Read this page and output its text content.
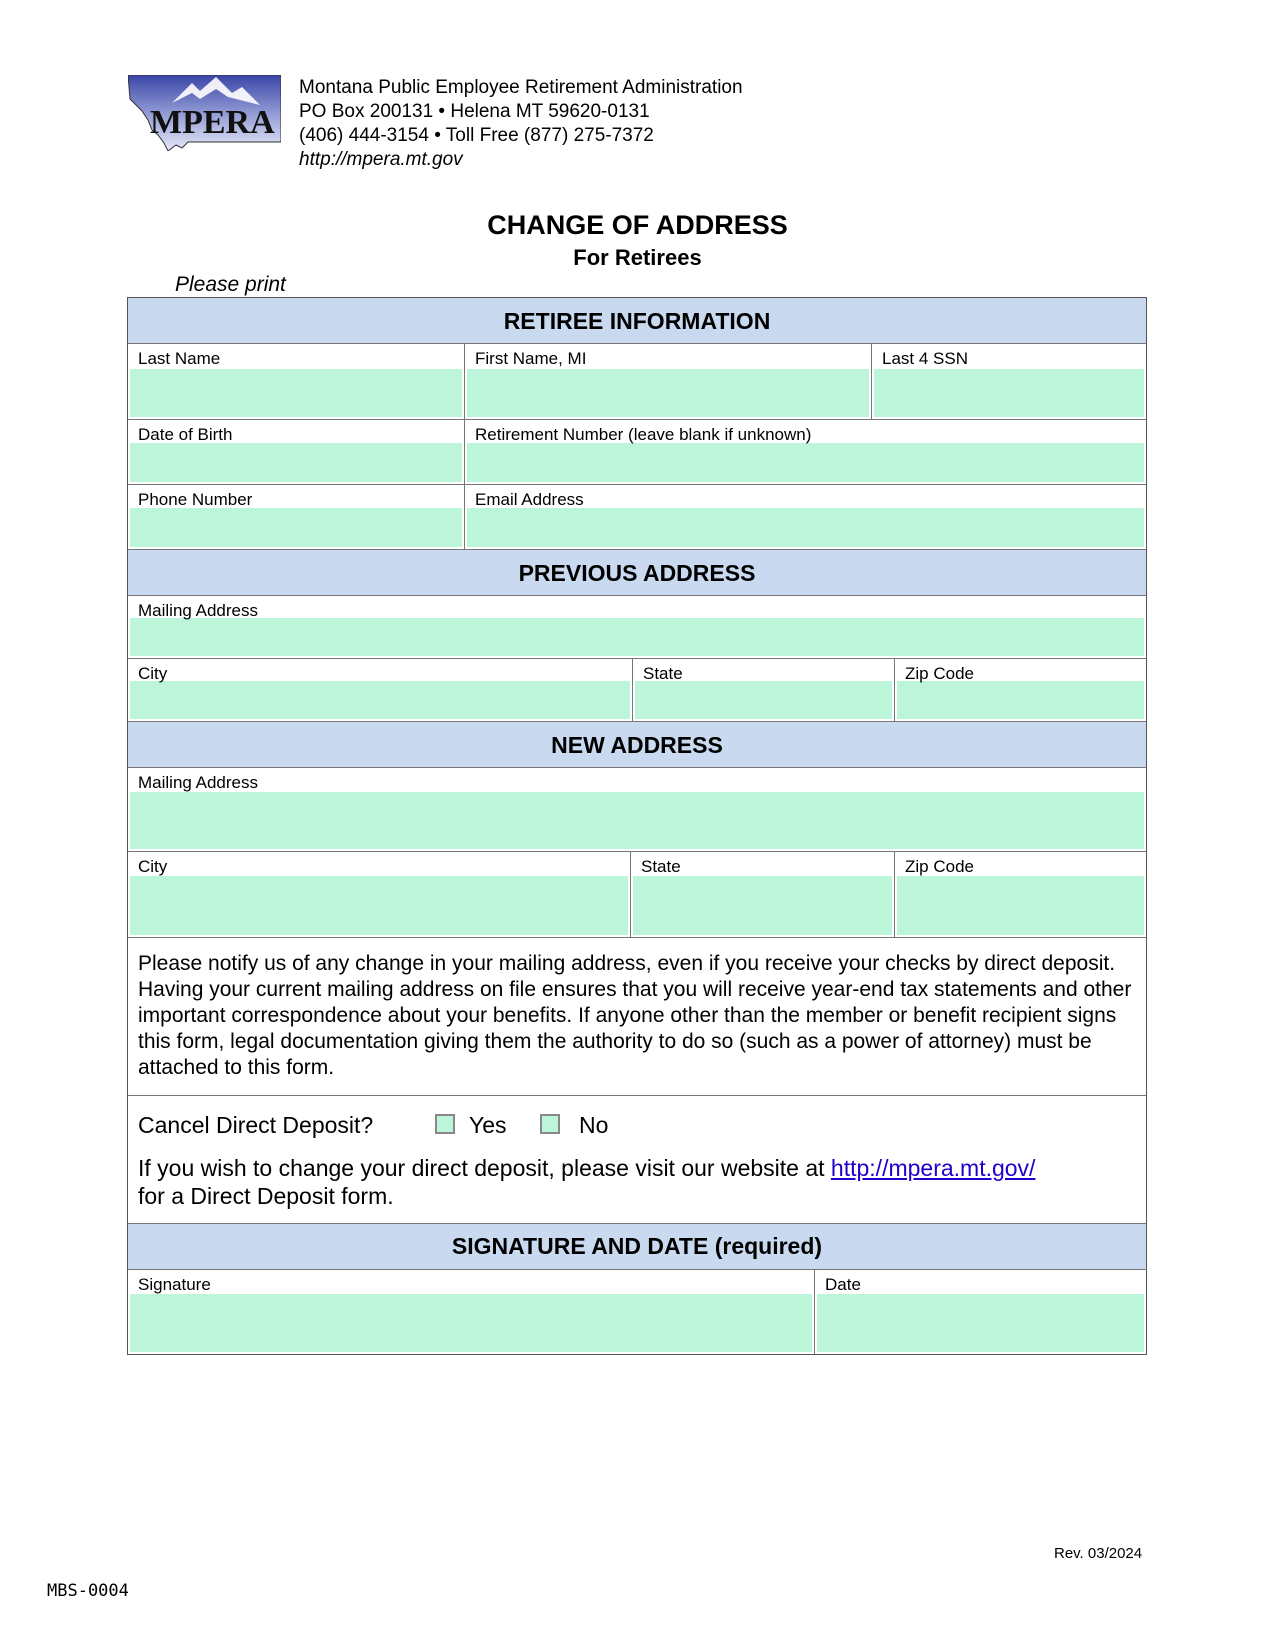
MPERA
Montana Public Employee Retirement Administration
PO Box 200131 • Helena MT 59620-0131
(406) 444-3154 • Toll Free (877) 275-7372
http://mpera.mt.gov
CHANGE OF ADDRESS
For Retirees
Please print
RETIREE INFORMATION
Last Name	First Name, MI	Last 4 SSN
Date of Birth	Retirement Number (leave blank if unknown)
Phone Number	Email Address
PREVIOUS ADDRESS
Mailing Address
City	State	Zip Code
NEW ADDRESS
Mailing Address
City	State	Zip Code
Please notify us of any change in your mailing address, even if you receive your checks by direct deposit. Having your current mailing address on file ensures that you will receive year-end tax statements and other important correspondence about your benefits. If anyone other than the member or benefit recipient signs this form, legal documentation giving them the authority to do so (such as a power of attorney) must be attached to this form.
Cancel Direct Deposit?	Yes	No
If you wish to change your direct deposit, please visit our website at http://mpera.mt.gov/
for a Direct Deposit form.
SIGNATURE AND DATE (required)
Signature	Date
Rev. 03/2024
MBS-0004
